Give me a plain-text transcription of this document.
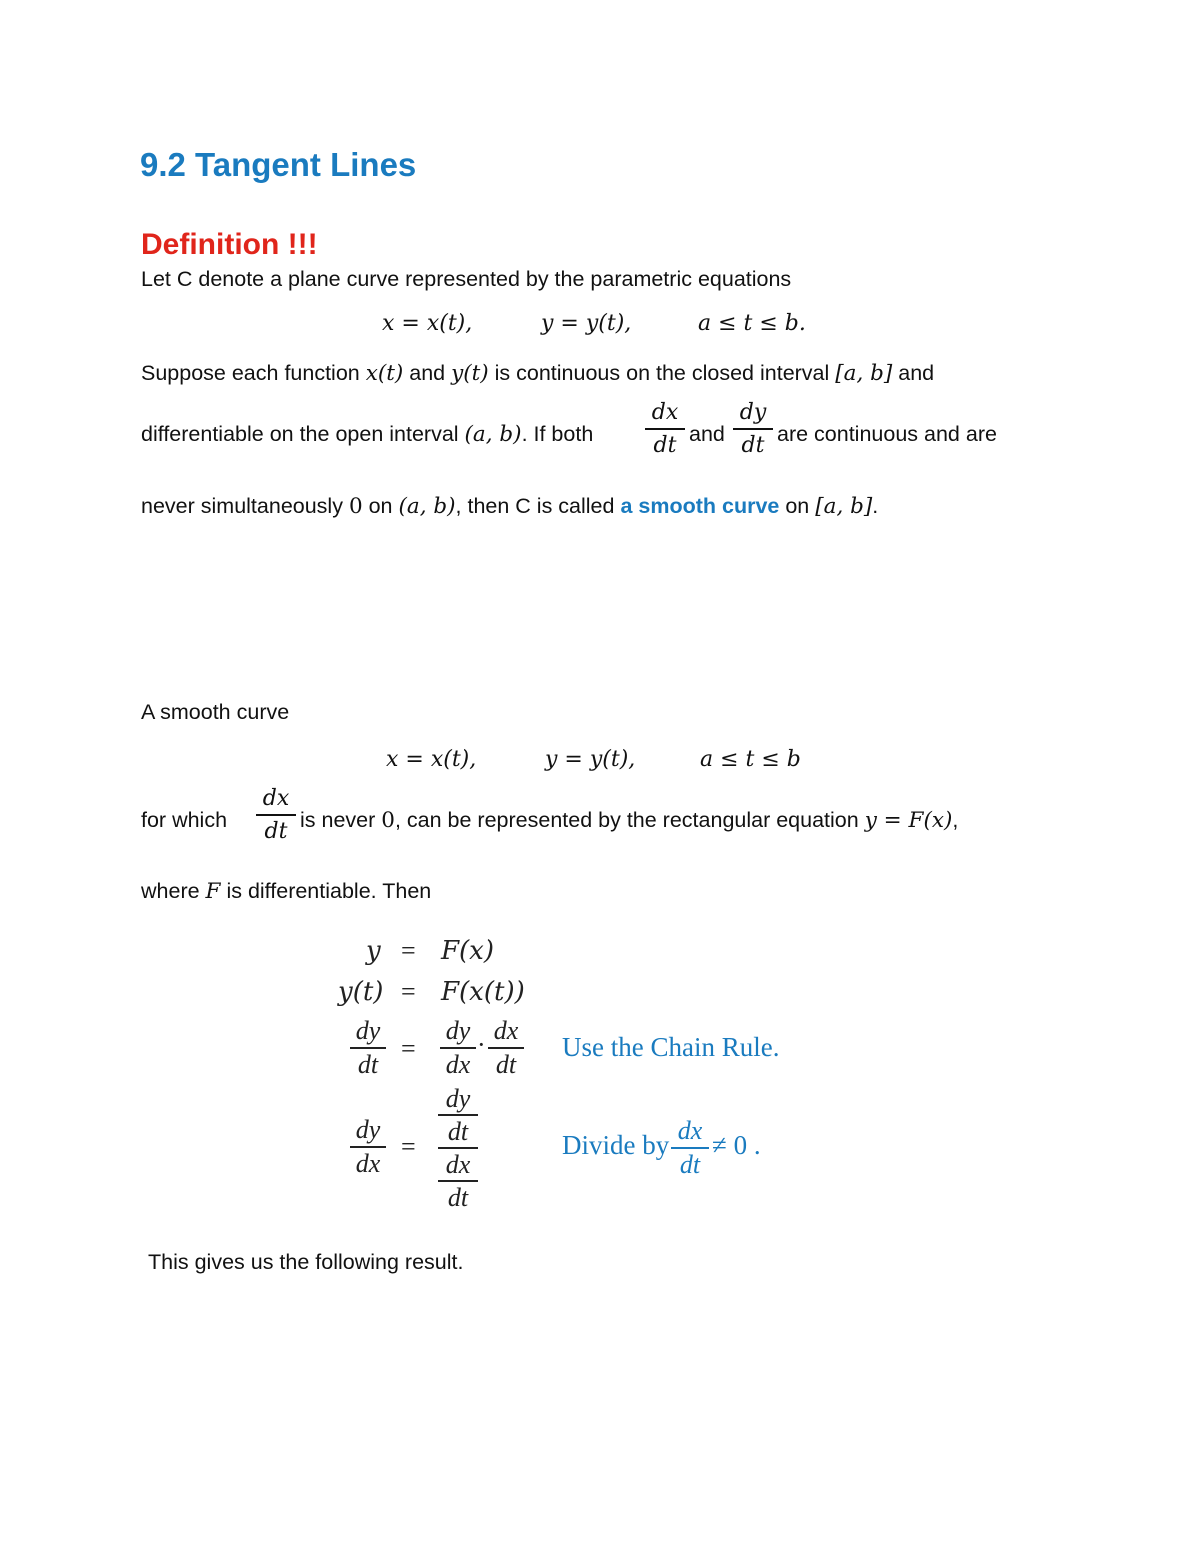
9.2 Tangent Lines
Definition !!!
Let C denote a plane curve represented by the parametric equations
x = x(t),	y = y(t),	a ≤ t ≤ b.
Suppose each function x(t) and y(t) is continuous on the closed interval [a, b] and
differentiable on the open interval (a, b). If both
dx
dt and
dy
dt are continuous and are
never simultaneously 0 on (a, b), then C is called a smooth curve on [a, b].
A smooth curve
x = x(t),	y = y(t),	a ≤ t ≤ b
for which
dx
dt is never 0, can be represented by the rectangular equation y = F(x),
where F is differentiable. Then
y = F(x)
y(t) = F(x(t))
dy
dt
=
dy
dx
· dx
dt
Use the Chain Rule.
dy
dx
=
dy
dt
dx
dt
Divide by dx
dt
≠ 0 .
This gives us the following result.
